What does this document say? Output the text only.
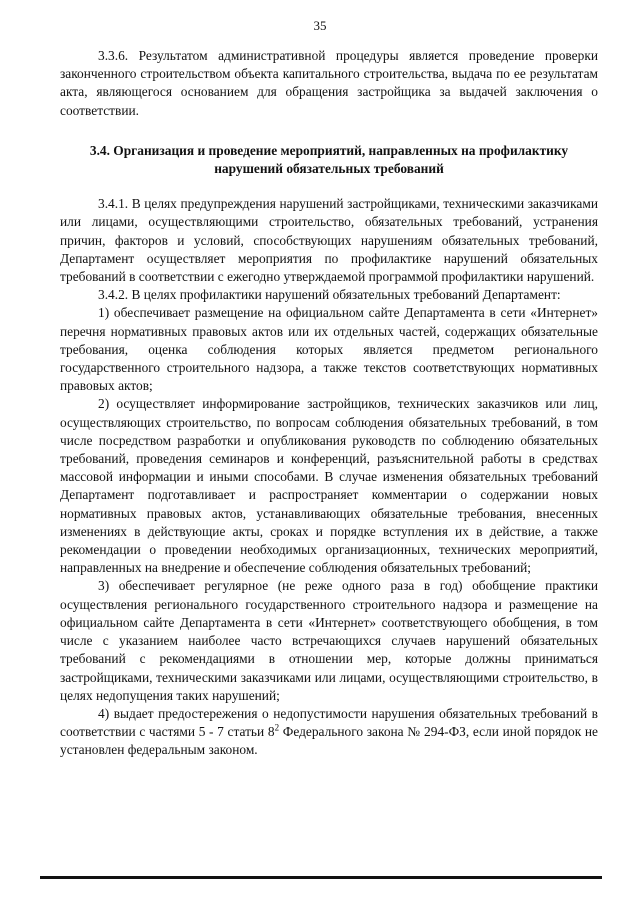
35

3.3.6. Результатом административной процедуры является проведение проверки законченного строительством объекта капитального строительства, выдача по ее результатам акта, являющегося основанием для обращения застройщика за выдачей заключения о соответствии.

3.4. Организация и проведение мероприятий, направленных на профилактику нарушений обязательных требований

3.4.1. В целях предупреждения нарушений застройщиками, техническими заказчиками или лицами, осуществляющими строительство, обязательных требований, устранения причин, факторов и условий, способствующих нарушениям обязательных требований, Департамент осуществляет мероприятия по профилактике нарушений обязательных требований в соответствии с ежегодно утверждаемой программой профилактики нарушений.

3.4.2. В целях профилактики нарушений обязательных требований Департамент:

1) обеспечивает размещение на официальном сайте Департамента в сети «Интернет» перечня нормативных правовых актов или их отдельных частей, содержащих обязательные требования, оценка соблюдения которых является предметом регионального государственного строительного надзора, а также текстов соответствующих нормативных правовых актов;

2) осуществляет информирование застройщиков, технических заказчиков или лиц, осуществляющих строительство, по вопросам соблюдения обязательных требований, в том числе посредством разработки и опубликования руководств по соблюдению обязательных требований, проведения семинаров и конференций, разъяснительной работы в средствах массовой информации и иными способами. В случае изменения обязательных требований Департамент подготавливает и распространяет комментарии о содержании новых нормативных правовых актов, устанавливающих обязательные требования, внесенных изменениях в действующие акты, сроках и порядке вступления их в действие, а также рекомендации о проведении необходимых организационных, технических мероприятий, направленных на внедрение и обеспечение соблюдения обязательных требований;

3) обеспечивает регулярное (не реже одного раза в год) обобщение практики осуществления регионального государственного строительного надзора и размещение на официальном сайте Департамента в сети «Интернет» соответствующего обобщения, в том числе с указанием наиболее часто встречающихся случаев нарушений обязательных требований с рекомендациями в отношении мер, которые должны приниматься застройщиками, техническими заказчиками или лицами, осуществляющими строительство, в целях недопущения таких нарушений;

4) выдает предостережения о недопустимости нарушения обязательных требований в соответствии с частями 5 - 7 статьи $8^2$ Федерального закона № 294-ФЗ, если иной порядок не установлен федеральным законом.
